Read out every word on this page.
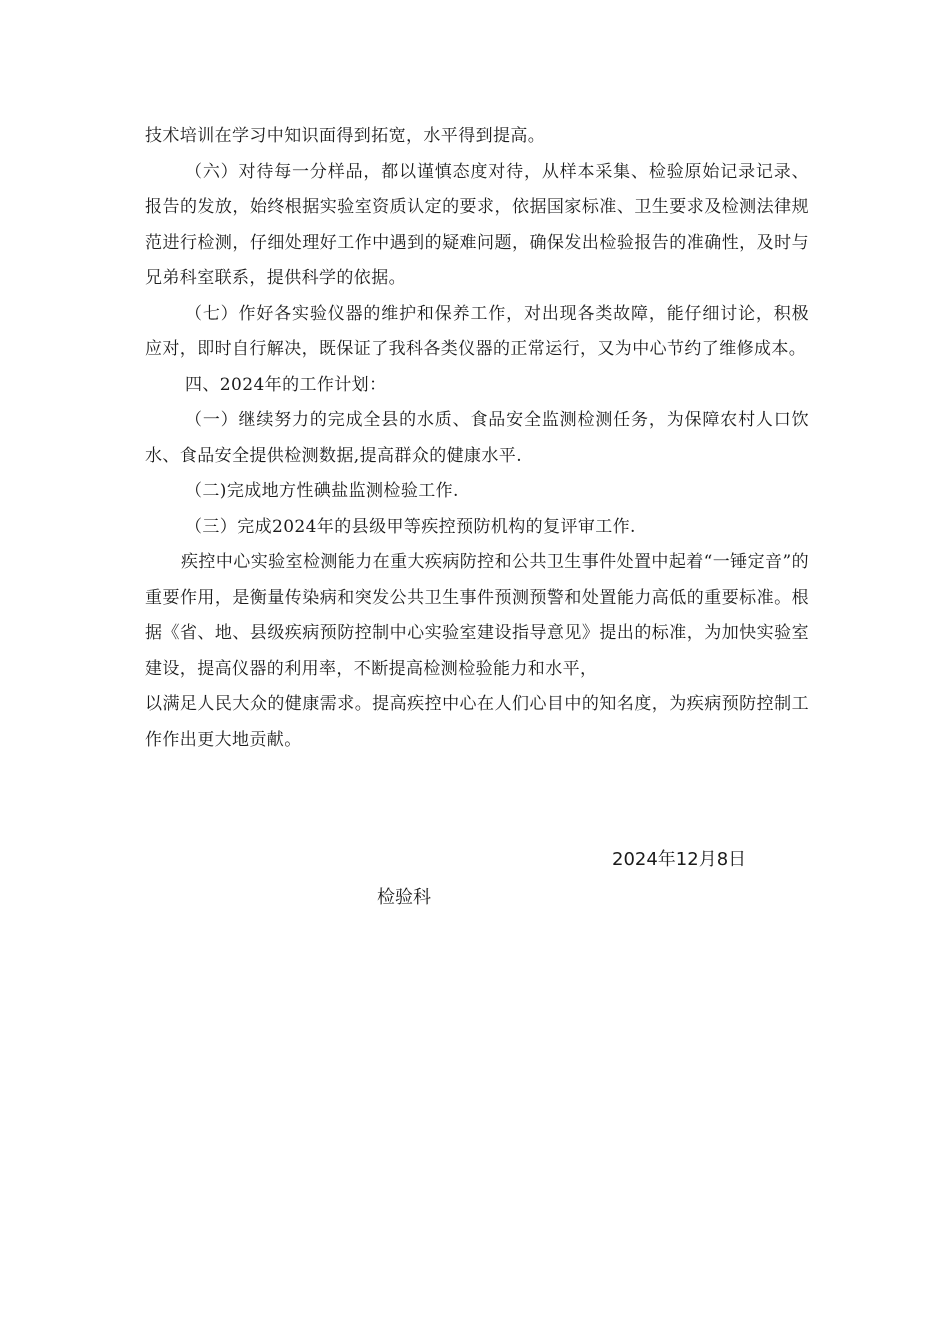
技术培训在学习中知识面得到拓宽，水平得到提高。

（六）对待每一分样品，都以谨慎态度对待，从样本采集、检验原始记录记录、报告的发放，始终根据实验室资质认定的要求，依据国家标准、卫生要求及检测法律规范进行检测，仔细处理好工作中遇到的疑难问题，确保发出检验报告的准确性，及时与兄弟科室联系，提供科学的依据。

（七）作好各实验仪器的维护和保养工作，对出现各类故障，能仔细讨论，积极应对，即时自行解决，既保证了我科各类仪器的正常运行，又为中心节约了维修成本。

四、2024年的工作计划：

（一）继续努力的完成全县的水质、食品安全监测检测任务，为保障农村人口饮水、食品安全提供检测数据,提高群众的健康水平.

（二)完成地方性碘盐监测检验工作.

（三）完成2024年的县级甲等疾控预防机构的复评审工作.

疾控中心实验室检测能力在重大疾病防控和公共卫生事件处置中起着“一锤定音”的重要作用，是衡量传染病和突发公共卫生事件预测预警和处置能力高低的重要标准。根据《省、地、县级疾病预防控制中心实验室建设指导意见》提出的标准，为加快实验室建设，提高仪器的利用率，不断提高检测检验能力和水平，

以满足人民大众的健康需求。提高疾控中心在人们心目中的知名度，为疾病预防控制工作作出更大地贡献。

2024年12月8日
检验科
